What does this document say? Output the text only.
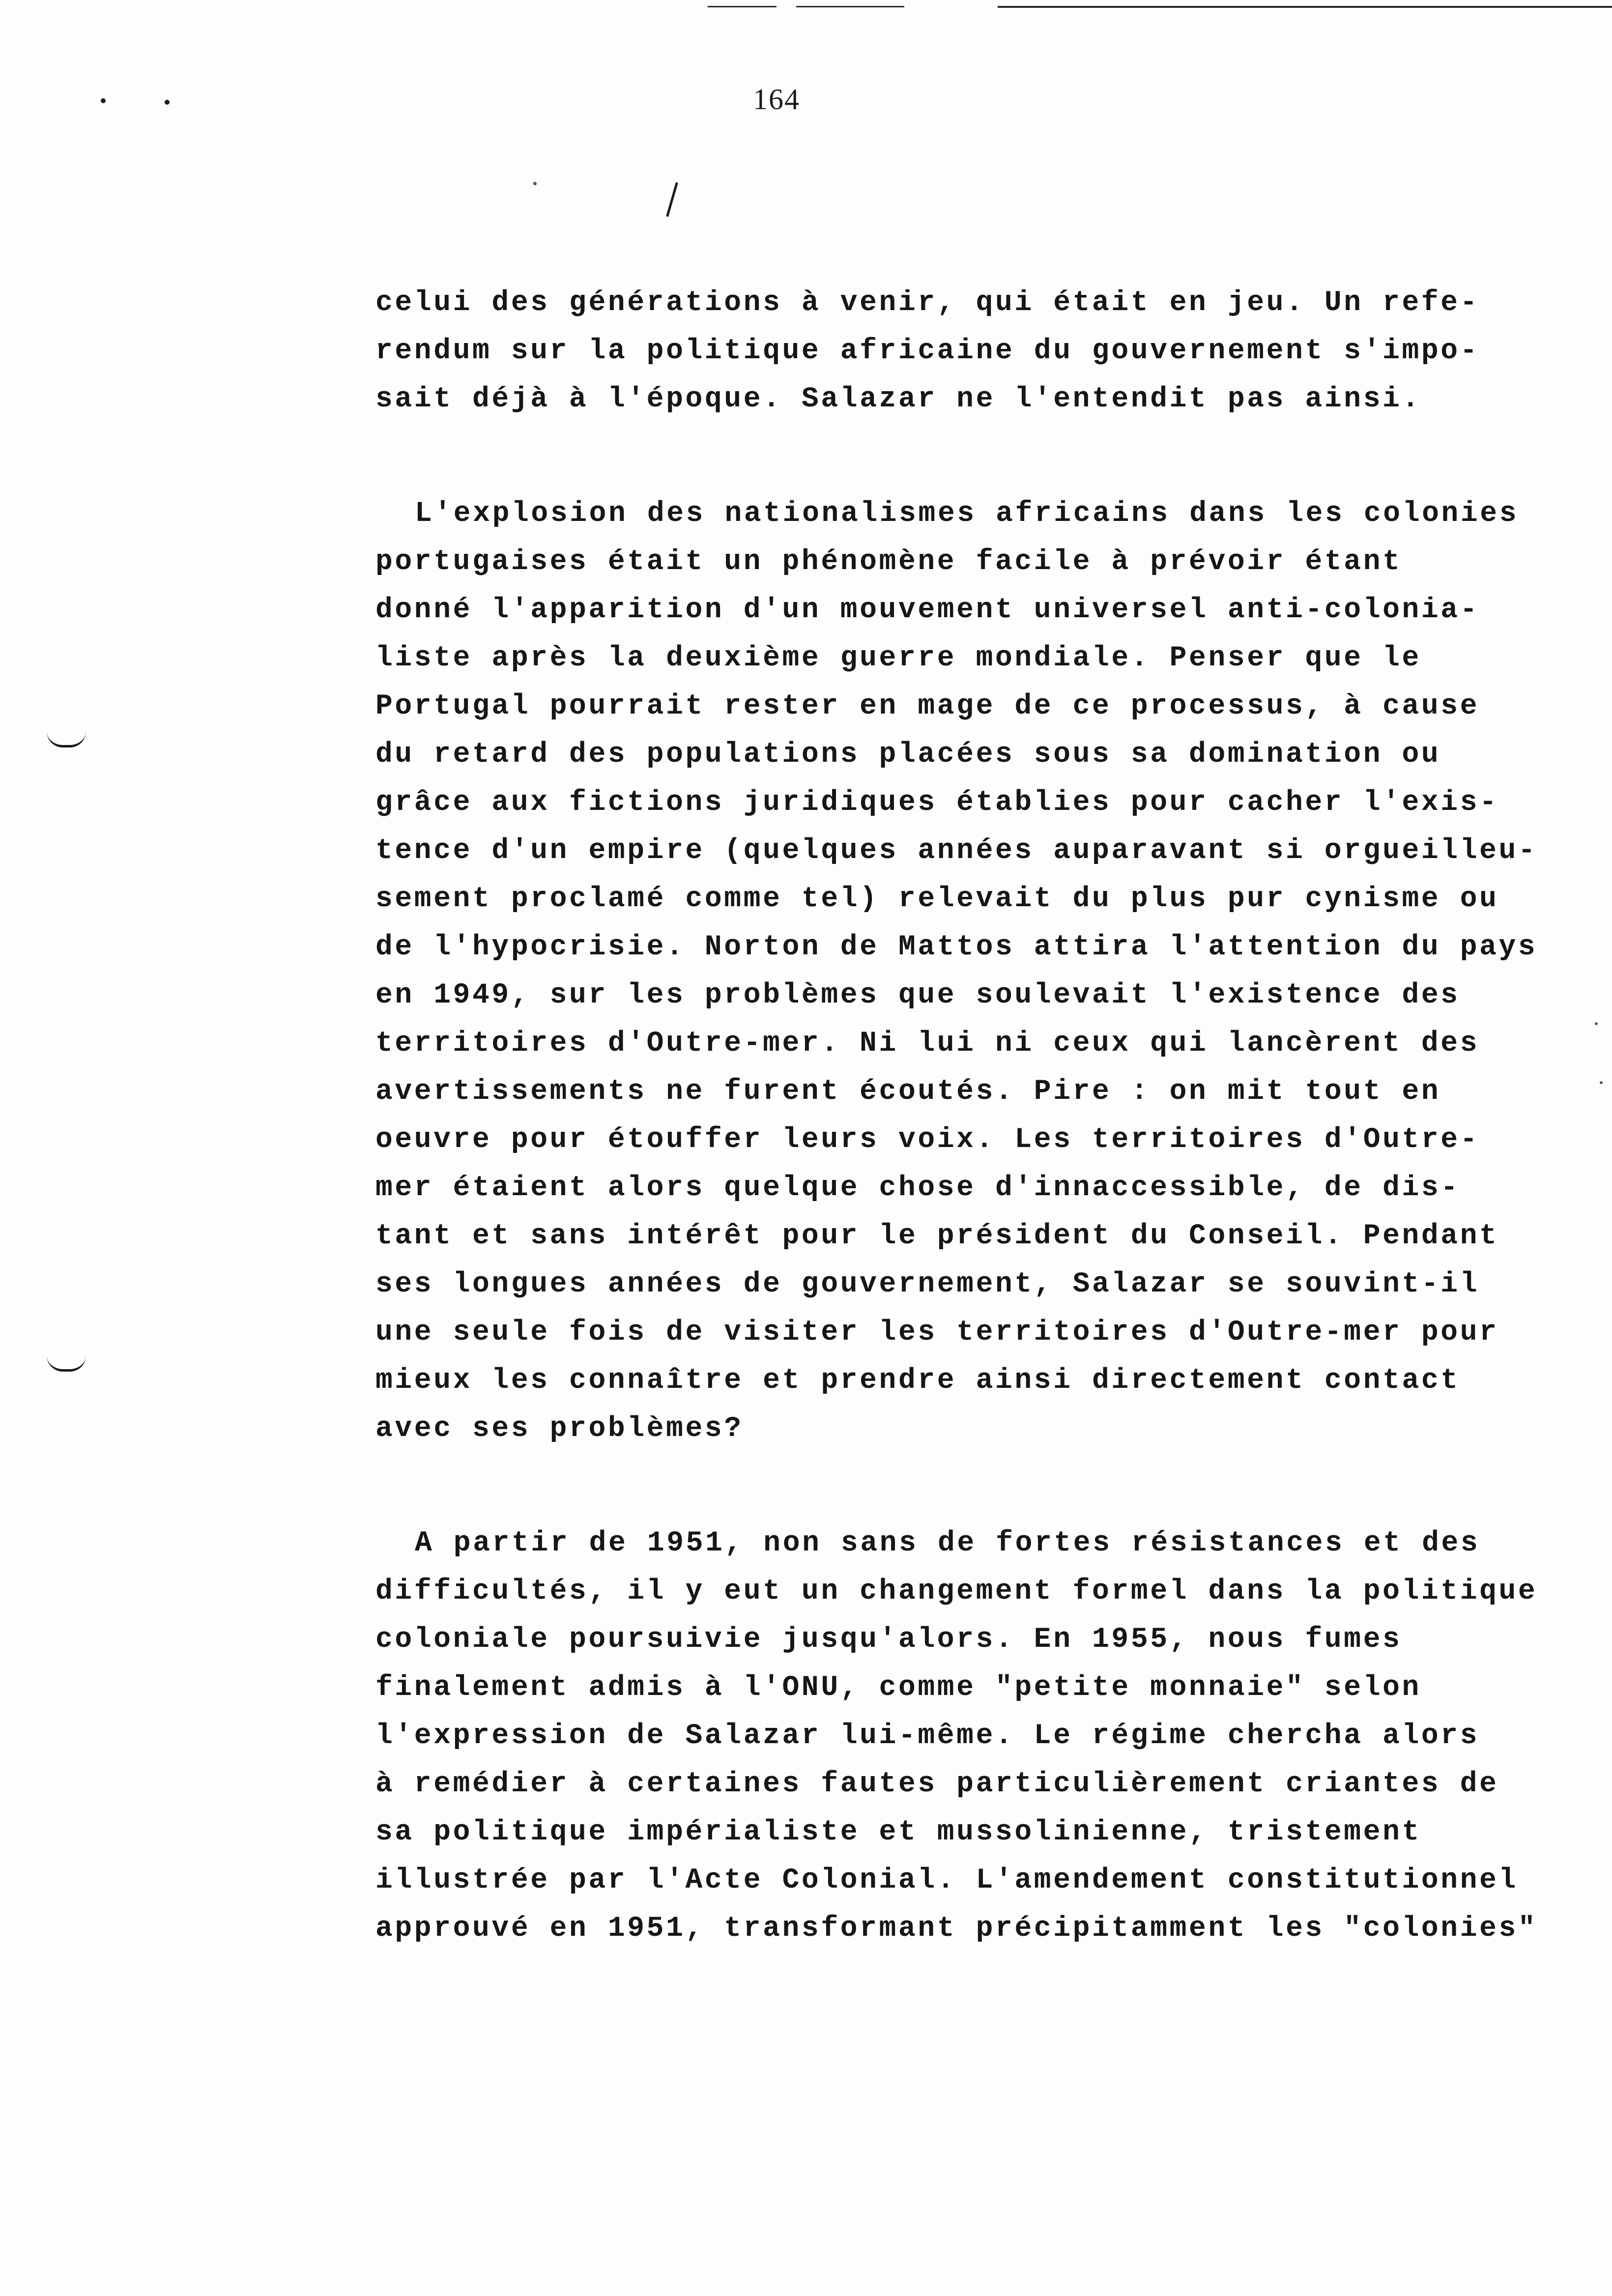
164
celui des générations à venir, qui était en jeu. Un refe-
rendum sur la politique africaine du gouvernement s'impo-
sait déjà à l'époque. Salazar ne l'entendit pas ainsi.
L'explosion des nationalismes africains dans les colonies
portugaises était un phénomène facile à prévoir étant
donné l'apparition d'un mouvement universel anti-colonia-
liste après la deuxième guerre mondiale. Penser que le
Portugal pourrait rester en mage de ce processus, à cause
du retard des populations placées sous sa domination ou
grâce aux fictions juridiques établies pour cacher l'exis-
tence d'un empire (quelques années auparavant si orgueilleu-
sement proclamé comme tel) relevait du plus pur cynisme ou
de l'hypocrisie. Norton de Mattos attira l'attention du pays
en 1949, sur les problèmes que soulevait l'existence des
territoires d'Outre-mer. Ni lui ni ceux qui lancèrent des
avertissements ne furent écoutés. Pire : on mit tout en
oeuvre pour étouffer leurs voix. Les territoires d'Outre-
mer étaient alors quelque chose d'innaccessible, de dis-
tant et sans intérêt pour le président du Conseil. Pendant
ses longues années de gouvernement, Salazar se souvint-il
une seule fois de visiter les territoires d'Outre-mer pour
mieux les connaître et prendre ainsi directement contact
avec ses problèmes?
A partir de 1951, non sans de fortes résistances et des
difficultés, il y eut un changement formel dans la politique
coloniale poursuivie jusqu'alors. En 1955, nous fumes
finalement admis à l'ONU, comme "petite monnaie" selon
l'expression de Salazar lui-même. Le régime chercha alors
à remédier à certaines fautes particulièrement criantes de
sa politique impérialiste et mussolinienne, tristement
illustrée par l'Acte Colonial. L'amendement constitutionnel
approuvé en 1951, transformant précipitamment les "colonies"
